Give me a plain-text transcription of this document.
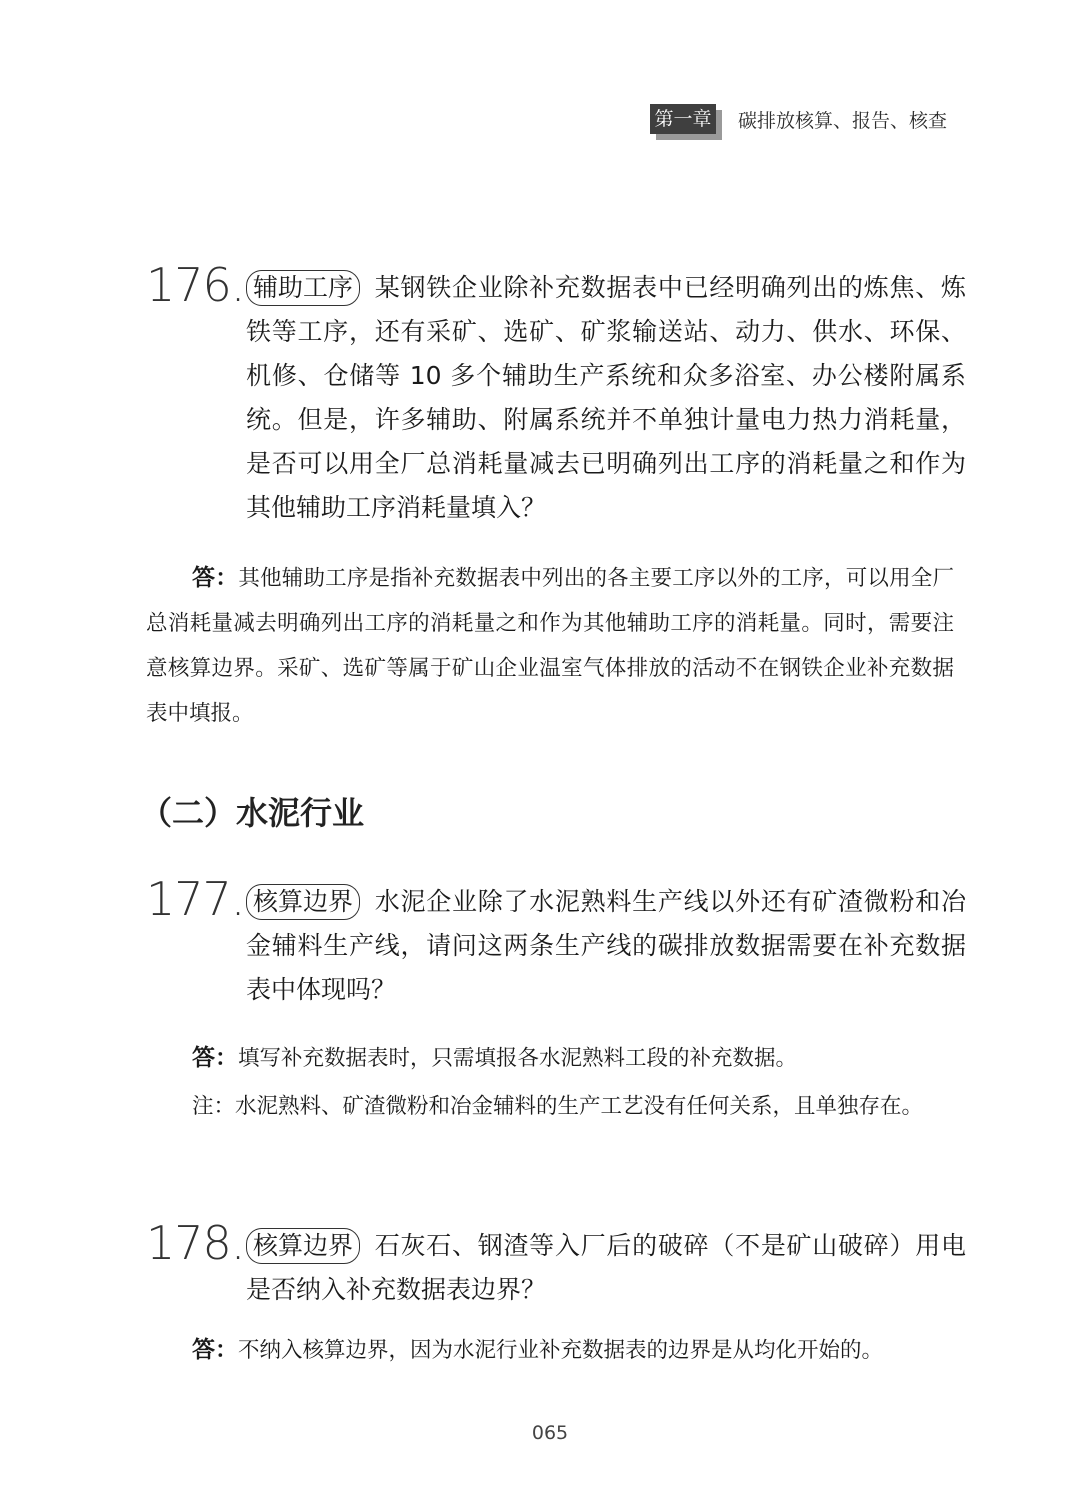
第一章 碳排放核算、报告、核查
176. 辅助工序 某钢铁企业除补充数据表中已经明确列出的炼焦、炼铁等工序，还有采矿、选矿、矿浆输送站、动力、供水、环保、机修、仓储等 10 多个辅助生产系统和众多浴室、办公楼附属系统。但是，许多辅助、附属系统并不单独计量电力热力消耗量，是否可以用全厂总消耗量减去已明确列出工序的消耗量之和作为其他辅助工序消耗量填入？
答：其他辅助工序是指补充数据表中列出的各主要工序以外的工序，可以用全厂总消耗量减去明确列出工序的消耗量之和作为其他辅助工序的消耗量。同时，需要注意核算边界。采矿、选矿等属于矿山企业温室气体排放的活动不在钢铁企业补充数据表中填报。
（二）水泥行业
177. 核算边界 水泥企业除了水泥熟料生产线以外还有矿渣微粉和冶金辅料生产线，请问这两条生产线的碳排放数据需要在补充数据表中体现吗？
答：填写补充数据表时，只需填报各水泥熟料工段的补充数据。
注：水泥熟料、矿渣微粉和冶金辅料的生产工艺没有任何关系，且单独存在。
178. 核算边界 石灰石、钢渣等入厂后的破碎（不是矿山破碎）用电是否纳入补充数据表边界？
答：不纳入核算边界，因为水泥行业补充数据表的边界是从均化开始的。
065
